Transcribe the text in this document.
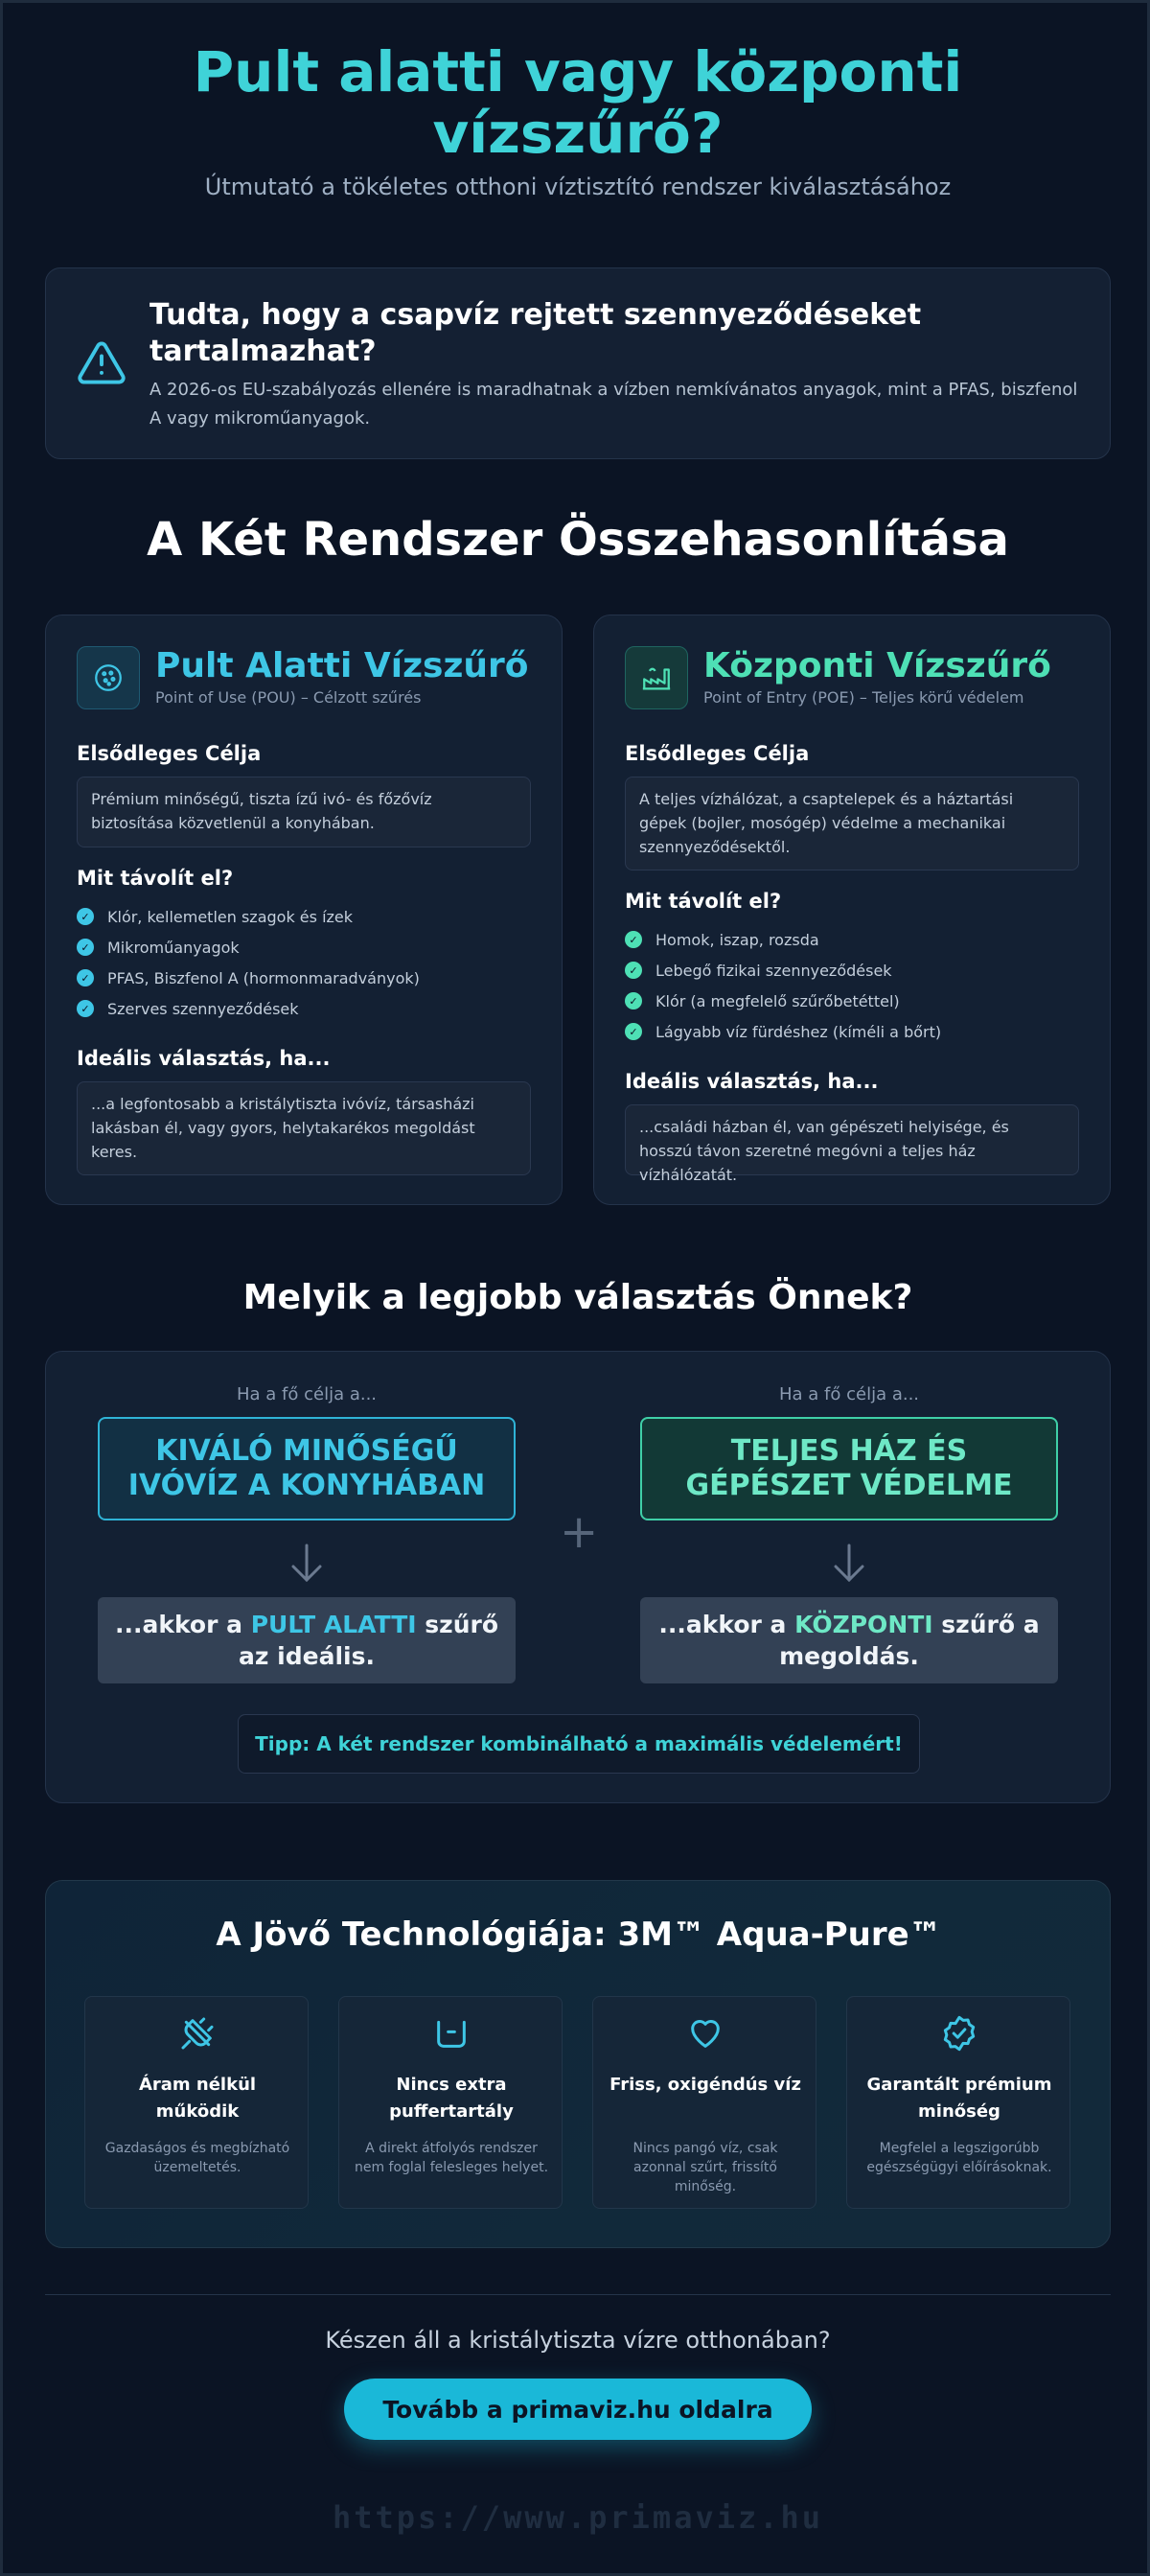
Pult alatti vagy központi vízszűrő?

Útmutató a tökéletes otthoni víztisztító rendszer kiválasztásához

Tudta, hogy a csapvíz rejtett szennyeződéseket tartalmazhat?
A 2026-os EU-szabályozás ellenére is maradhatnak a vízben nemkívánatos anyagok, mint a PFAS, biszfenol A vagy mikroműanyagok.
A Két Rendszer Összehasonlítása
Pult Alatti Vízszűrő
Point of Use (POU) – Célzott szűrés
Elsődleges Célja
Prémium minőségű, tiszta ízű ivó- és főzővíz biztosítása közvetlenül a konyhában.
Mit távolít el?
✓ Klór, kellemetlen szagok és ízek
✓ Mikroműanyagok
✓ PFAS, Biszfenol A (hormonmaradványok)
✓ Szerves szennyeződések
Ideális választás, ha...
...a legfontosabb a kristálytiszta ivóvíz, társasházi lakásban él, vagy gyors, helytakarékos megoldást keres.
Központi Vízszűrő
Point of Entry (POE) – Teljes körű védelem
Elsődleges Célja
A teljes vízhálózat, a csaptelepek és a háztartási gépek (bojler, mosógép) védelme a mechanikai szennyeződésektől.
Mit távolít el?
✓ Homok, iszap, rozsda
✓ Lebegő fizikai szennyeződések
✓ Klór (a megfelelő szűrőbetéttel)
✓ Lágyabb víz fürdéshez (kíméli a bőrt)
Ideális választás, ha...
...családi házban él, van gépészeti helyisége, és hosszú távon szeretné megóvni a teljes ház vízhálózatát.
Melyik a legjobb választás Önnek?
Ha a fő célja a...	Ha a fő célja a...
KIVÁLÓ MINŐSÉGŰ IVÓVÍZ A KONYHÁBAN
TELJES HÁZ ÉS GÉPÉSZET VÉDELME
+
...akkor a PULT ALATTI szűrő az ideális.
...akkor a KÖZPONTI szűrő a megoldás.
Tipp: A két rendszer kombinálható a maximális védelemért!
A Jövő Technológiája: 3M™ Aqua-Pure™
Áram nélkül működik
Gazdaságos és megbízható üzemeltetés.
Nincs extra puffertartály
A direkt átfolyós rendszer nem foglal felesleges helyet.
Friss, oxigéndús víz
Nincs pangó víz, csak azonnal szűrt, frissítő minőség.
Garantált prémium minőség
Megfelel a legszigorúbb egészségügyi előírásoknak.
Készen áll a kristálytiszta vízre otthonában?
Tovább a primaviz.hu oldalra
https://www.primaviz.hu
